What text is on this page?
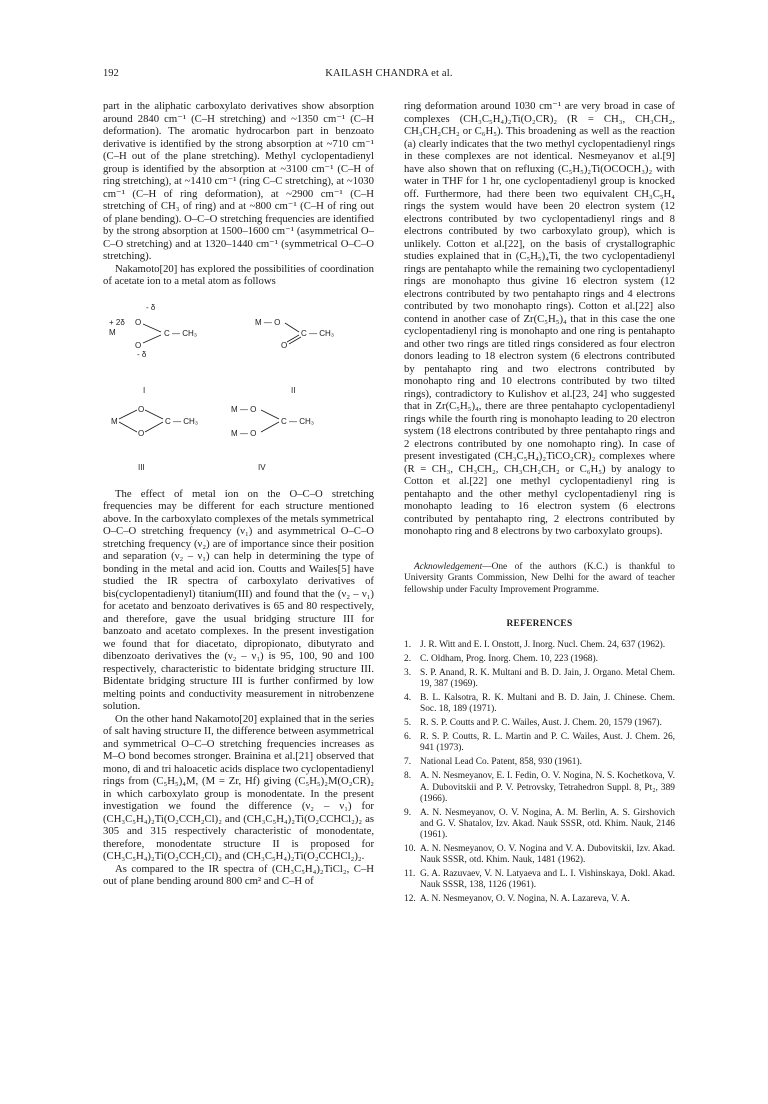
192	KAILASH CHANDRA et al.

part in the aliphatic carboxylato derivatives show absorption around 2840 cm⁻¹ (C–H stretching) and ~1350 cm⁻¹ (C–H deformation). The aromatic hydrocarbon part in benzoato derivative is identified by the strong absorption at ~710 cm⁻¹ (C–H out of the plane stretching). Methyl cyclopentadienyl group is identified by the absorption at ~3100 cm⁻¹ (C–H of ring stretching), at ~1410 cm⁻¹ (ring C–C stretching), at ~1030 cm⁻¹ (C–H of ring deformation), at ~2900 cm⁻¹ (C–H stretching of CH₃ of ring) and at ~800 cm⁻¹ (C–H of ring out of plane bending). O–C–O stretching frequencies are identified by the strong absorption at 1500–1600 cm⁻¹ (asymmetrical O–C–O stretching) and at 1320–1440 cm⁻¹ (symmetrical O–C–O stretching).

Nakamoto[20] has explored the possibilities of coordination of acetate ion to a metal atom as follows

- δ
+ 2δ O
M
O
- δ
C — CH₃
I
M — O
O
C — CH₃
II
M
O
O
C — CH₃
III
M — O
M — O
C — CH₃
IV

The effect of metal ion on the O–C–O stretching frequencies may be different for each structure mentioned above. In the carboxylato complexes of the metals symmetrical O–C–O stretching frequency (ν₁) and asymmetrical O–C–O stretching frequency (ν₂) are of importance since their position and separation (ν₂ – ν₁) can help in determining the type of bonding in the metal and acid ion. Coutts and Wailes[5] have studied the IR spectra of carboxylato derivatives of bis(cyclopentadienyl) titanium(III) and found that the (ν₂ – ν₁) for acetato and benzoato derivatives is 65 and 80 respectively, and therefore, gave the usual bridging structure III for banzoato and acetato complexes. In the present investigation we found that for diacetato, dipropionato, dibutyrato and dibenzoato derivatives the (ν₂ – ν₁) is 95, 100, 90 and 100 respectively, characteristic to bidentate bridging structure III. Bidentate bridging structure III is further confirmed by low melting points and conductivity measurement in nitrobenzene solution.

On the other hand Nakamoto[20] explained that in the series of salt having structure II, the difference between asymmetrical and symmetrical O–C–O stretching frequencies increases as M–O bond becomes stronger. Brainina et al.[21] observed that mono, di and tri haloacetic acids displace two cyclopentadienyl rings from (C₅H₅)₄M, (M = Zr, Hf) giving (C₅H₅)₂M(O₂CR)₂ in which carboxylato group is monodentate. In the present investigation we found the difference (ν₂ – ν₁) for (CH₃C₅H₄)₂Ti(O₂CCH₂Cl)₂ and (CH₃C₅H₄)₂Ti(O₂CCHCl₂)₂ as 305 and 315 respectively characteristic of monodentate, therefore, monodentate structure II is proposed for (CH₃C₅H₄)₂Ti(O₂CCH₂Cl)₂ and (CH₃C₅H₄)₂Ti(O₂CCHCl₂)₂.

As compared to the IR spectra of (CH₃C₅H₄)₂TiCl₂, C–H out of plane bending around 800 cm² and C–H of

ring deformation around 1030 cm⁻¹ are very broad in case of complexes (CH₃C₅H₄)₂Ti(O₂CR)₂ (R = CH₃, CH₃CH₂, CH₃CH₂CH₂ or C₆H₅). This broadening as well as the reaction (a) clearly indicates that the two methyl cyclopentadienyl rings in these complexes are not identical. Nesmeyanov et al.[9] have also shown that on refluxing (C₅H₅)₂Ti(OCOCH₃)₂ with water in THF for 1 hr, one cyclopentadienyl group is knocked off. Furthermore, had there been two equivalent CH₃C₅H₄ rings the system would have been 20 electron system (12 electrons contributed by two cyclopentadienyl rings and 8 electrons contributed by two carboxylato group), which is unlikely. Cotton et al.[22], on the basis of crystallographic studies explained that in (C₅H₅)₄Ti, the two cyclopentadienyl rings are pentahapto while the remaining two cyclopentadienyl rings are monohapto thus givine 16 electron system (12 electrons contributed by two pentahapto rings and 4 electrons contributed by two monohapto rings). Cotton et al.[22] also contend in another case of Zr(C₅H₅)₄ that in this case the one cyclopentadienyl ring is monohapto and one ring is pentahapto and other two rings are titled rings considered as four electron donors leading to 18 electron system (6 electrons contributed by pentahapto ring and two electrons contributed by monohapto ring and 10 electrons contributed by two tilted rings), contradictory to Kulishov et al.[23, 24] who suggested that in Zr(C₅H₅)₄, there are three pentahapto cyclopentadienyl rings while the fourth ring is monohapto leading to 20 electron system (18 electrons contributed by three pentahapto rings and 2 electrons contributed by one nomohapto ring). In case of present investigated (CH₃C₅H₄)₂TiCO₂CR)₂ complexes where (R = CH₃, CH₃CH₂, CH₃CH₂CH₂ or C₆H₅) by analogy to Cotton et al.[22] one methyl cyclopentadienyl ring is pentahapto and the other methyl cyclopentadienyl ring is monohapto leading to 16 electron system (6 electrons contributed by pentahapto ring, 2 electrons contributed by monohapto ring and 8 electrons by two carboxylato groups).

Acknowledgement—One of the authors (K.C.) is thankful to University Grants Commission, New Delhi for the award of teacher fellowship under Faculty Improvement Programme.

REFERENCES
1. J. R. Witt and E. I. Onstott, J. Inorg. Nucl. Chem. 24, 637 (1962).
2. C. Oldham, Prog. Inorg. Chem. 10, 223 (1968).
3. S. P. Anand, R. K. Multani and B. D. Jain, J. Organo. Metal Chem. 19, 387 (1969).
4. B. L. Kalsotra, R. K. Multani and B. D. Jain, J. Chinese. Chem. Soc. 18, 189 (1971).
5. R. S. P. Coutts and P. C. Wailes, Aust. J. Chem. 20, 1579 (1967).
6. R. S. P. Coutts, R. L. Martin and P. C. Wailes, Aust. J. Chem. 26, 941 (1973).
7. National Lead Co. Patent, 858, 930 (1961).
8. A. N. Nesmeyanov, E. I. Fedin, O. V. Nogina, N. S. Kochetkova, V. A. Dubovitskii and P. V. Petrovsky, Tetrahedron Suppl. 8, Pt₂, 389 (1966).
9. A. N. Nesmeyanov, O. V. Nogina, A. M. Berlin, A. S. Girshovich and G. V. Shatalov, Izv. Akad. Nauk SSSR, otd. Khim. Nauk, 2146 (1961).
10. A. N. Nesmeyanov, O. V. Nogina and V. A. Dubovitskii, Izv. Akad. Nauk SSSR, otd. Khim. Nauk, 1481 (1962).
11. G. A. Razuvaev, V. N. Latyaeva and L. I. Vishinskaya, Dokl. Akad. Nauk SSSR, 138, 1126 (1961).
12. A. N. Nesmeyanov, O. V. Nogina, N. A. Lazareva, V. A.
